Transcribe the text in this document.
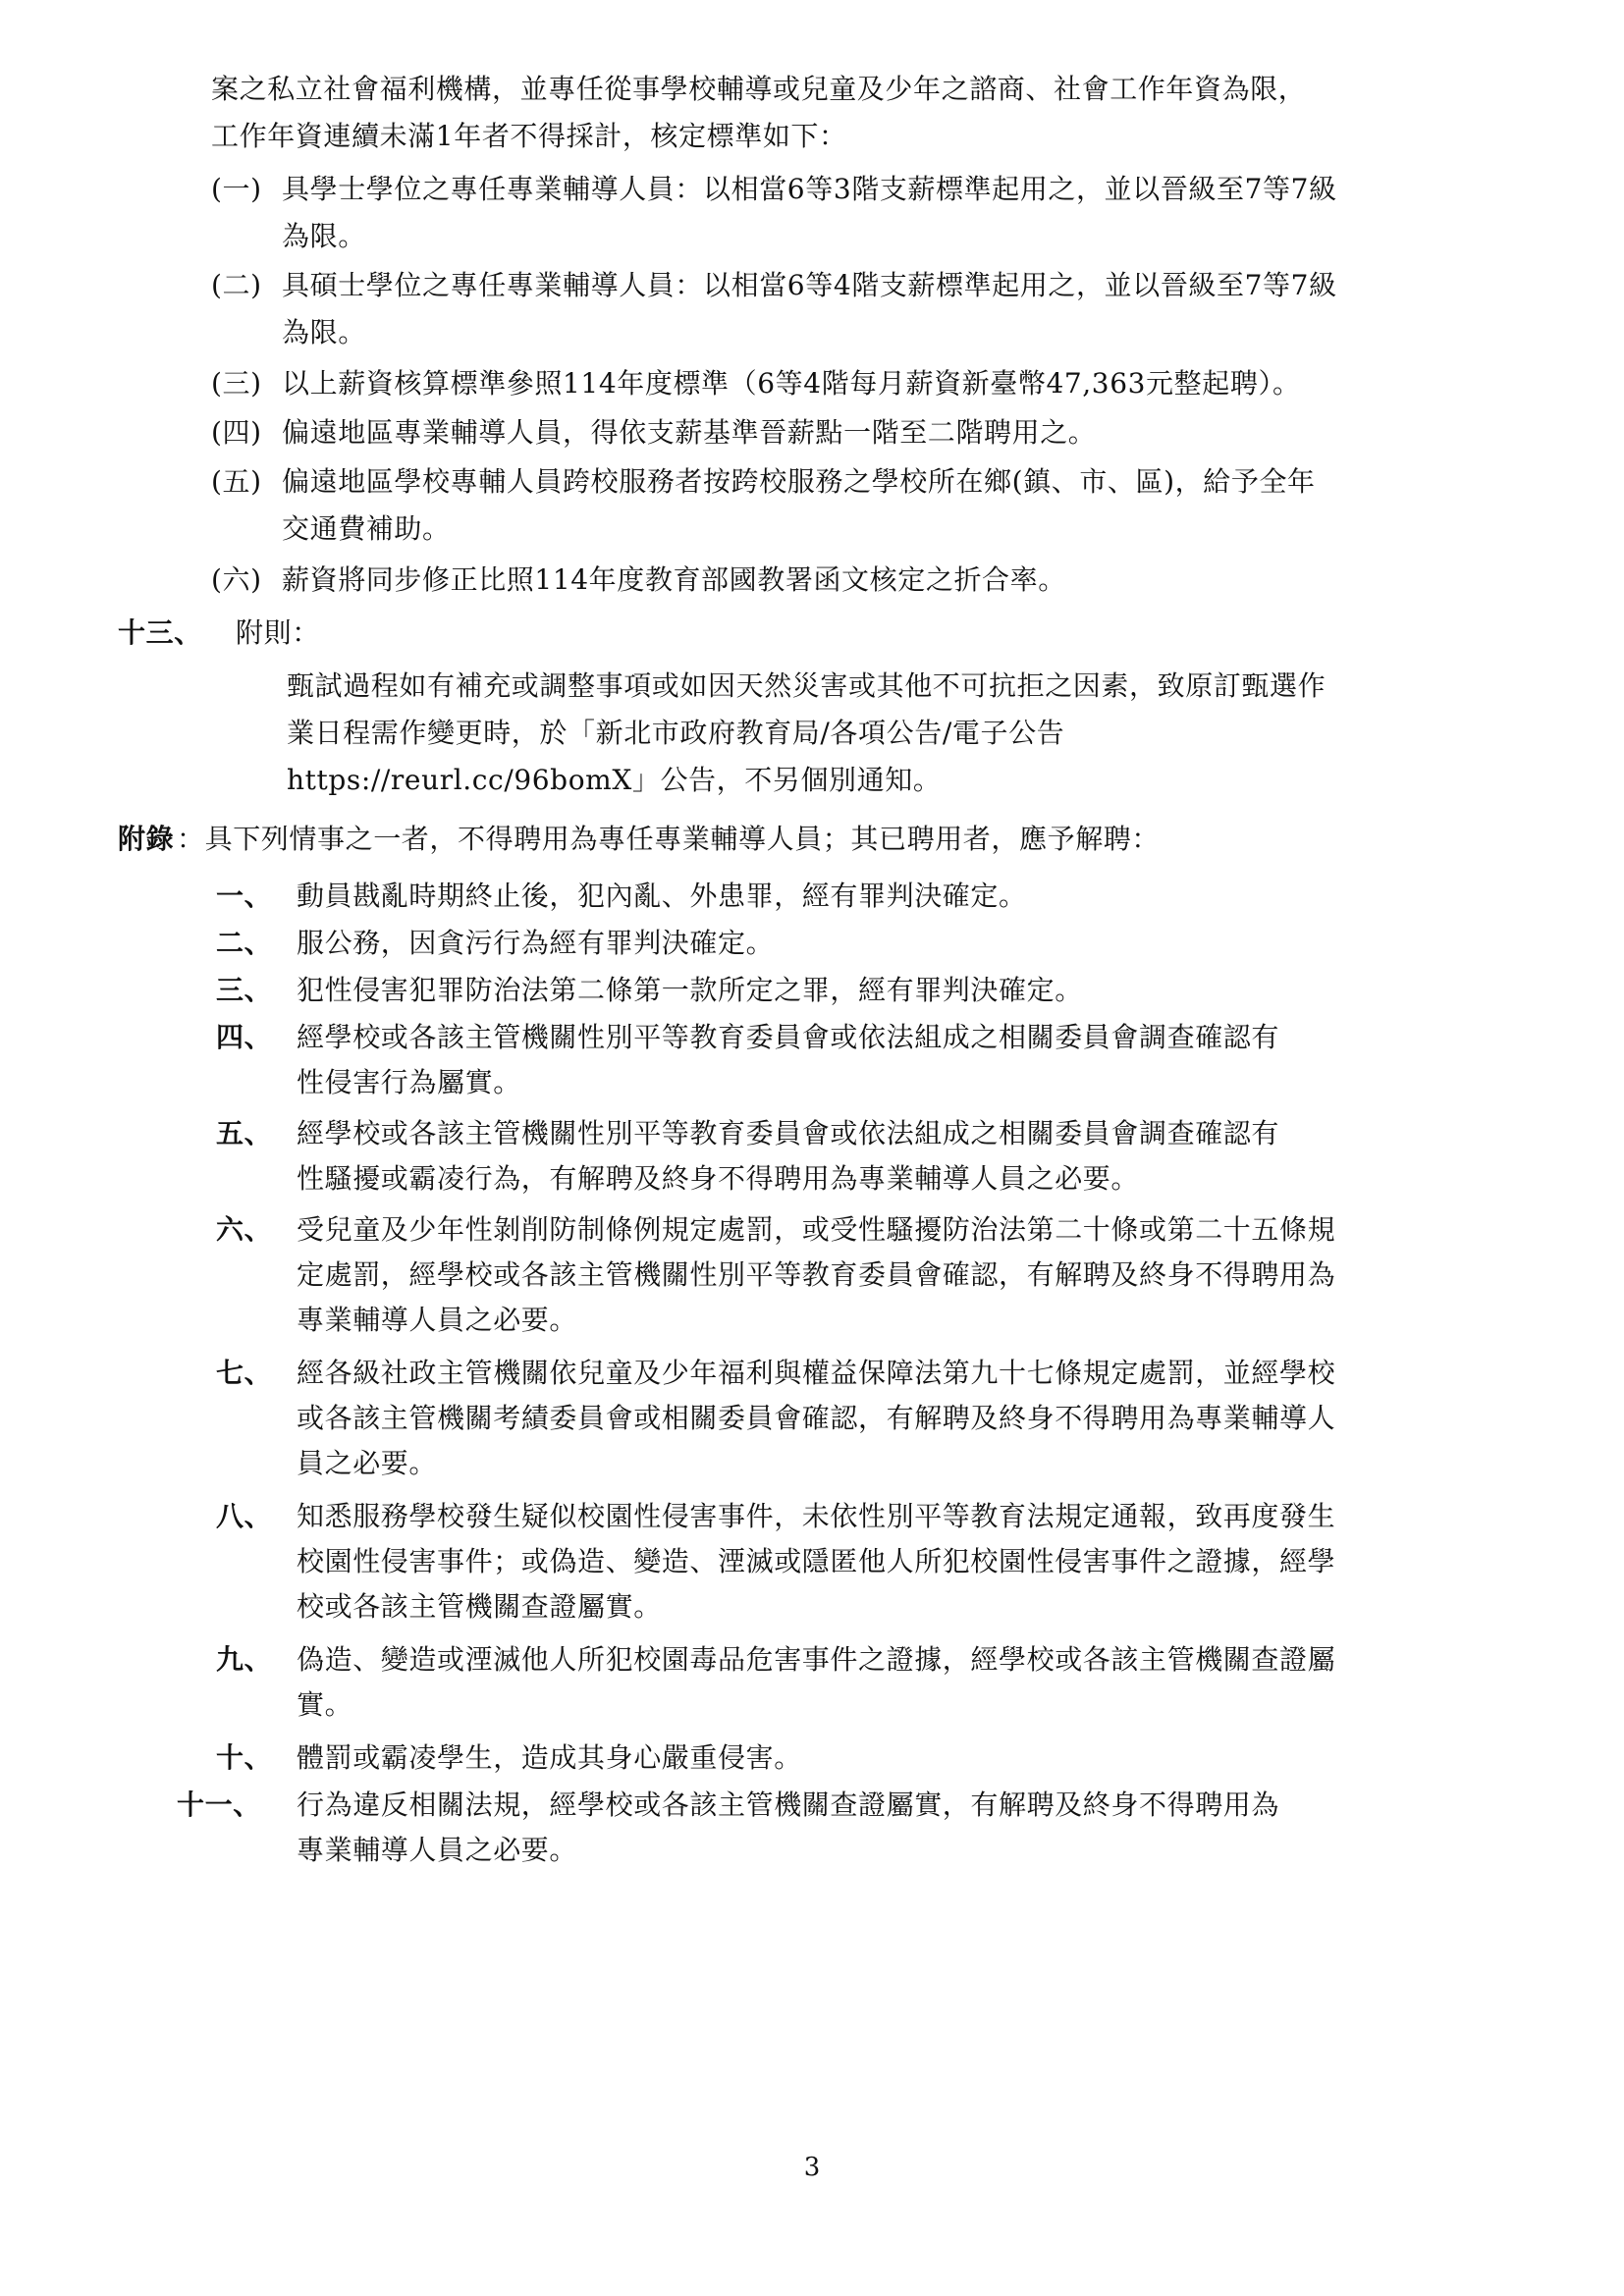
案之私立社會福利機構，並專任從事學校輔導或兒童及少年之諮商、社會工作年資為限，
工作年資連續未滿1年者不得採計，核定標準如下：
(一) 具學士學位之專任專業輔導人員：以相當6等3階支薪標準起用之，並以晉級至7等7級
為限。
(二) 具碩士學位之專任專業輔導人員：以相當6等4階支薪標準起用之，並以晉級至7等7級
為限。
(三) 以上薪資核算標準參照114年度標準（6等4階每月薪資新臺幣47,363元整起聘）。
(四) 偏遠地區專業輔導人員，得依支薪基準晉薪點一階至二階聘用之。
(五) 偏遠地區學校專輔人員跨校服務者按跨校服務之學校所在鄉(鎮、市、區)，給予全年
交通費補助。
(六) 薪資將同步修正比照114年度教育部國教署函文核定之折合率。
十三、 附則：
甄試過程如有補充或調整事項或如因天然災害或其他不可抗拒之因素，致原訂甄選作
業日程需作變更時，於「新北市政府教育局/各項公告/電子公告
https://reurl.cc/96bomX」公告，不另個別通知。
附錄 ：具下列情事之一者，不得聘用為專任專業輔導人員；其已聘用者，應予解聘：
一、 動員戡亂時期終止後，犯內亂、外患罪，經有罪判決確定。
二、 服公務，因貪污行為經有罪判決確定。
三、 犯性侵害犯罪防治法第二條第一款所定之罪，經有罪判決確定。
四、 經學校或各該主管機關性別平等教育委員會或依法組成之相關委員會調查確認有
性侵害行為屬實。
五、 經學校或各該主管機關性別平等教育委員會或依法組成之相關委員會調查確認有
性騷擾或霸凌行為，有解聘及終身不得聘用為專業輔導人員之必要。
六、 受兒童及少年性剝削防制條例規定處罰，或受性騷擾防治法第二十條或第二十五條規
定處罰，經學校或各該主管機關性別平等教育委員會確認，有解聘及終身不得聘用為
專業輔導人員之必要。
七、 經各級社政主管機關依兒童及少年福利與權益保障法第九十七條規定處罰，並經學校
或各該主管機關考績委員會或相關委員會確認，有解聘及終身不得聘用為專業輔導人
員之必要。
八、 知悉服務學校發生疑似校園性侵害事件，未依性別平等教育法規定通報，致再度發生
校園性侵害事件；或偽造、變造、湮滅或隱匿他人所犯校園性侵害事件之證據，經學
校或各該主管機關查證屬實。
九、 偽造、變造或湮滅他人所犯校園毒品危害事件之證據，經學校或各該主管機關查證屬
實。
十、 體罰或霸凌學生，造成其身心嚴重侵害。
十一、 行為違反相關法規，經學校或各該主管機關查證屬實，有解聘及終身不得聘用為
專業輔導人員之必要。
3
